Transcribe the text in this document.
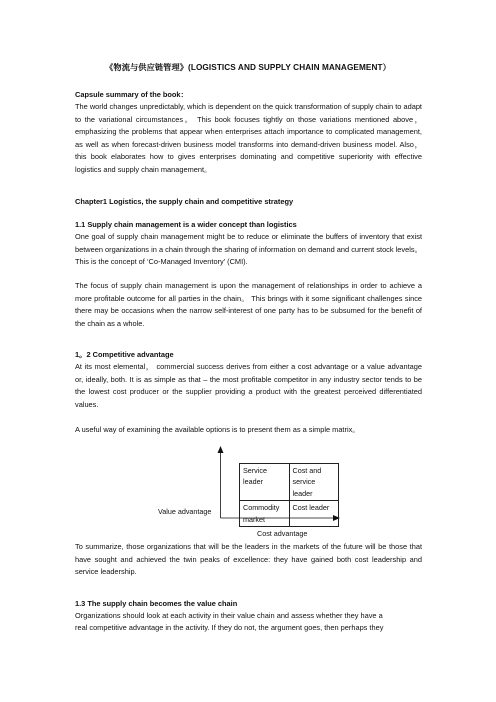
《物流与供应链管理》(LOGISTICS AND SUPPLY CHAIN MANAGEMENT）
Capsule summary of the book：

The world changes unpredictably, which is dependent on the quick transformation of supply chain to adapt to the variational circumstances。 This book focuses tightly on those variations mentioned above， emphasizing the problems that appear when enterprises attach importance to complicated management, as well as when forecast-driven business model transforms into demand-driven business model. Also， this book elaborates how to gives enterprises dominating and competitive superiority with effective logistics and supply chain management。

Chapter1 Logistics, the supply chain and competitive strategy
1.1 Supply chain management is a wider concept than logistics

One goal of supply chain management might be to reduce or eliminate the buffers of inventory that exist between organizations in a chain through the sharing of information on demand and current stock levels。 This is the concept of ‘Co-Managed Inventory’ (CMI).

The focus of supply chain management is upon the management of relationships in order to achieve a more profitable outcome for all parties in the chain。 This brings with it some significant challenges since there may be occasions when the narrow self-interest of one party has to be subsumed for the benefit of the chain as a whole.

1。2 Competitive advantage

At its most elemental， commercial success derives from either a cost advantage or a value advantage or, ideally, both. It is as simple as that – the most profitable competitor in any industry sector tends to be the lowest cost producer or the supplier providing a product with the greatest perceived differentiated values.

A useful way of examining the available options is to present them as a simple matrix。

Service leader	Cost and service leader
Commodity market	Cost leader
Value advantage
Cost advantage

To summarize, those organizations that will be the leaders in the markets of the future will be those that have sought and achieved the twin peaks of excellence: they have gained both cost leadership and service leadership.

1.3 The supply chain becomes the value chain
Organizations should look at each activity in their value chain and assess whether they have a
real competitive advantage in the activity. If they do not, the argument goes, then perhaps they
